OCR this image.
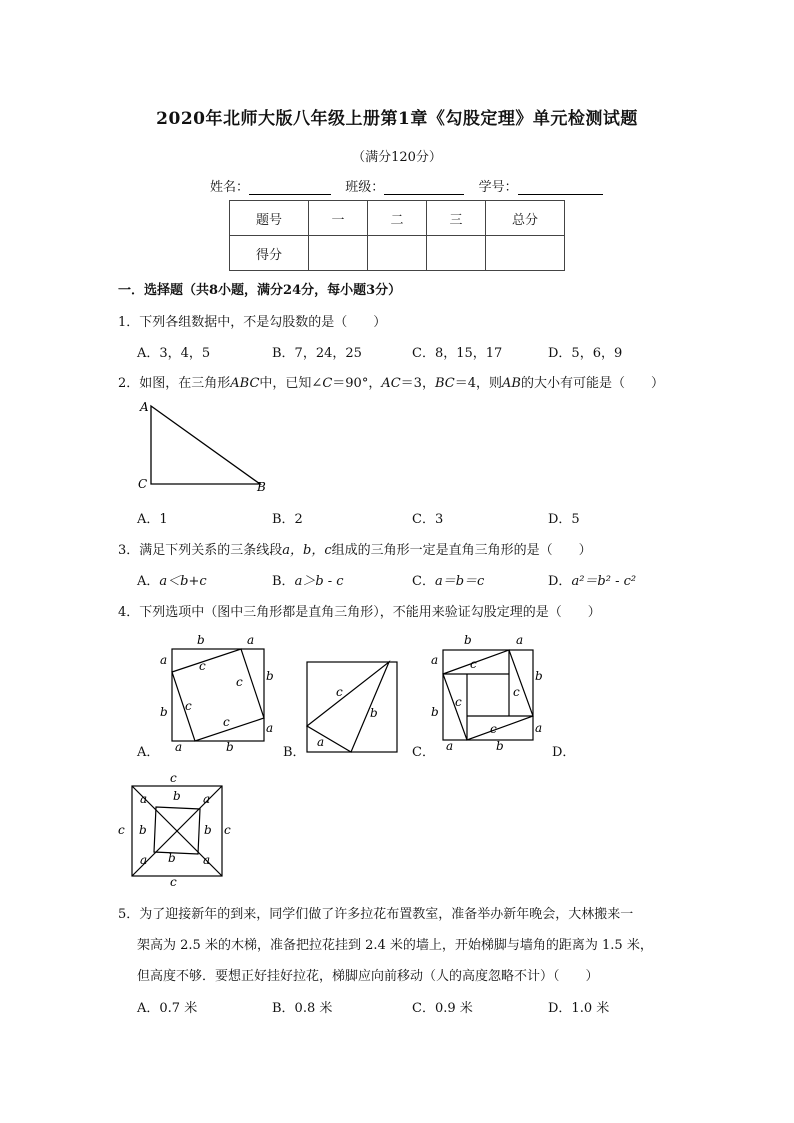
2020年北师大版八年级上册第1章《勾股定理》单元检测试题
（满分120分）
姓名：	班级：	学号：
题号	一	二	三	总分
得分				
一．选择题（共8小题，满分24分，每小题3分）
1．下列各组数据中，不是勾股数的是（　　）
A．3，4，5	B．7，24，25	C．8，15，17	D．5，6，9
2．如图，在三角形ABC中，已知∠C＝90°，AC＝3，BC＝4，则AB的大小有可能是（　　）
A
C	B
A．1	B．2	C．3	D．5
3．满足下列关系的三条线段a，b，c组成的三角形一定是直角三角形的是（　　）
A．a＜b+c	B．a＞b - c	C．a＝b＝c	D．a²＝b² - c²
4．下列选项中（图中三角形都是直角三角形），不能用来验证勾股定理的是（　　）
b	a
a
b
b
a
a	b
c
c
c
c
A．
c
b
a
B．
b	a
a
b
b
a
a	b
c
c
c
c
C．	D．
c
c
c	c
a b a
b	b
a b a
5．为了迎接新年的到来，同学们做了许多拉花布置教室，准备举办新年晚会，大林搬来一
架高为 2.5 米的木梯，准备把拉花挂到 2.4 米的墙上，开始梯脚与墙角的距离为 1.5 米，
但高度不够．要想正好挂好拉花，梯脚应向前移动（人的高度忽略不计）（　　）
A．0.7 米	B．0.8 米	C．0.9 米	D．1.0 米
